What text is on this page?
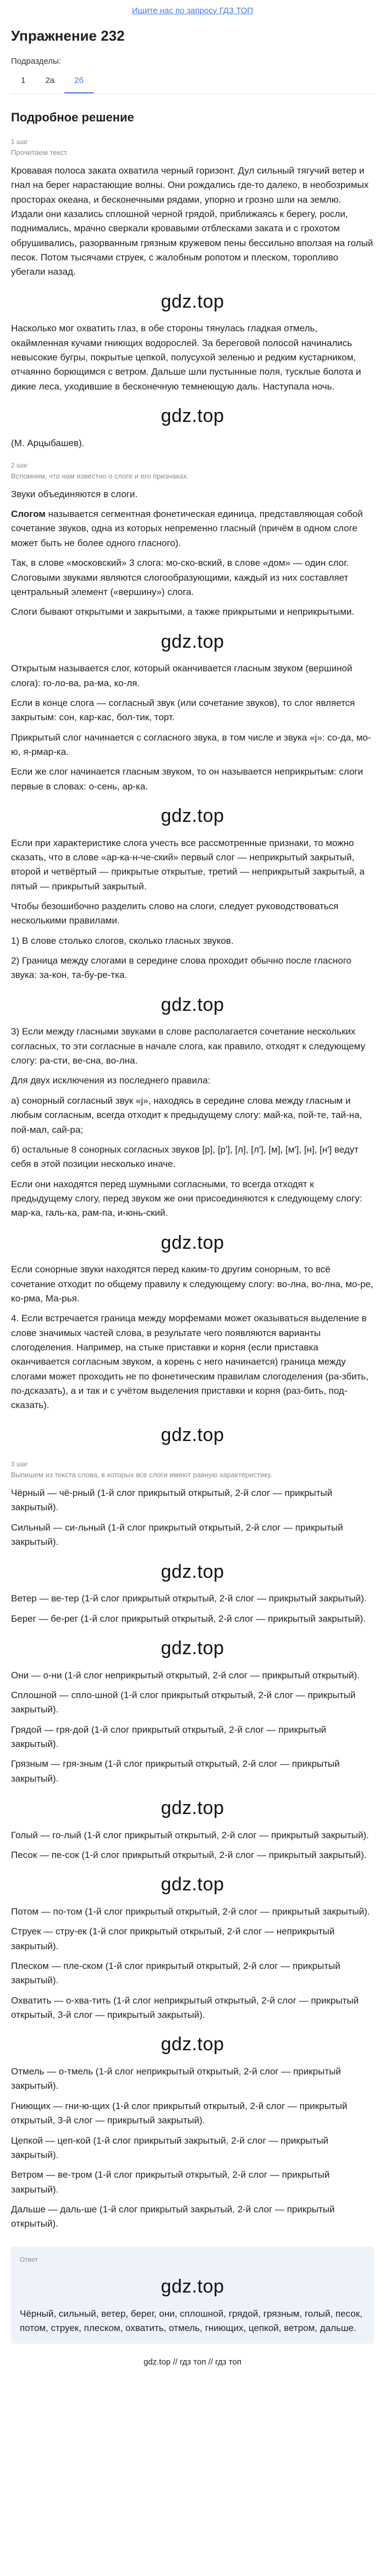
Ищите нас по запросу ГДЗ ТОП
Упражнение 232
Подразделы:
1	2а	2б
Подробное решение
1 шаг
Прочитаем текст.

Кровавая полоса заката охватила черный горизонт. Дул сильный тягучий ветер и гнал на берег нарастающие волны. Они рождались где-то далеко, в необозримых просторах океана, и бесконечными рядами, упорно и грозно шли на землю. Издали они казались сплошной черной грядой, приближаясь к берегу, росли, поднимались, мрачно сверкали кровавыми отблесками заката и с грохотом обрушивались, разорванным грязным кружевом пены бессильно вползая на голый песок. Потом тысячами струек, с жалобным ропотом и плеском, торопливо убегали назад.

gdz.top

Насколько мог охватить глаз, в обе стороны тянулась гладкая отмель, окаймленная кучами гниющих водорослей. За береговой полосой начинались невысокие бугры, покрытые цепкой, полусухой зеленью и редким кустарником, отчаянно борющимся с ветром. Дальше шли пустынные поля, тусклые болота и дикие леса, уходившие в бесконечную темнеющую даль. Наступала ночь.

gdz.top

(М. Арцыбашев).

2 шаг
Вспомним, что нам известно о слоге и его признаках.

Звуки объединяются в слоги.

Слогом называется сегментная фонетическая единица, представляющая собой сочетание звуков, одна из которых непременно гласный (причём в одном слоге может быть не более одного гласного).

Так, в слове «московский» 3 слога: мо-ско-вский, в слове «дом» — один слог. Слоговыми звуками являются слогообразующими, каждый из них составляет центральный элемент («вершину») слога.

Слоги бывают открытыми и закрытыми, а также прикрытыми и неприкрытыми.

gdz.top

Открытым называется слог, который оканчивается гласным звуком (вершиной слога): го-ло-ва, ра-ма, ко-ля.

Если в конце слога — согласный звук (или сочетание звуков), то слог является закрытым: сон, кар-кас, бол-тик, торт.

Прикрытый слог начинается с согласного звука, в том числе и звука «j»: со-да, мо-ю, я-рмар-ка.

Если же слог начинается гласным звуком, то он называется неприкрытым: слоги первые в словах: о-сень, ар-ка.

gdz.top

Если при характеристике слога учесть все рассмотренные признаки, то можно сказать, что в слове «ар-ка-н-че-ский» первый слог — неприкрытый закрытый, второй и четвёртый — прикрытые открытые, третий — неприкрытый закрытый, а пятый — прикрытый закрытый.

Чтобы безошибочно разделить слово на слоги, следует руководствоваться несколькими правилами.

1) В слове столько слогов, сколько гласных звуков.

2) Граница между слогами в середине слова проходит обычно после гласного звука: за-кон, та-бу-ре-тка.

gdz.top

3) Если между гласными звуками в слове располагается сочетание нескольких согласных, то эти согласные в начале слога, как правило, отходят к следующему слогу: ра-сти, ве-сна, во-лна.

Для двух исключения из последнего правила:

а) сонорный согласный звук «j», находясь в середине слова между гласным и любым согласным, всегда отходит к предыдущему слогу: май-ка, пой-те, тай-на, пой-мал, сай-ра;

б) остальные 8 сонорных согласных звуков [р], [р'], [л], [л'], [м], [м'], [н], [н'] ведут себя в этой позиции несколько иначе.

Если они находятся перед шумными согласными, то всегда отходят к предыдущему слогу, перед звуком же они присоединяются к следующему слогу: мар-ка, галь-ка, рам-па, и-юнь-ский.

gdz.top

Если сонорные звуки находятся перед каким-то другим сонорным, то всё сочетание отходит по общему правилу к следующему слогу: во-лна, во-лна, мо-ре, ко-рма, Ма-рья.

4. Если встречается граница между морфемами может оказываться выделение в слове значимых частей слова, в результате чего появляются варианты слогоделения. Например, на стыке приставки и корня (если приставка оканчивается согласным звуком, а корень с него начинается) граница между слогами может проходить не по фонетическим правилам слогоделения (ра-збить, по-дсказать), а и так и с учётом выделения приставки и корня (раз-бить, под-сказать).

gdz.top
3 шаг
Выпишем из текста слова, в которых все слоги имеют равную характеристику.

Чёрный — чё-рный (1-й слог прикрытый открытый, 2-й слог — прикрытый закрытый).

Сильный — си-льный (1-й слог прикрытый открытый, 2-й слог — прикрытый закрытый).

gdz.top

Ветер — ве-тер (1-й слог прикрытый открытый, 2-й слог — прикрытый закрытый).

Берег — бе-рег (1-й слог прикрытый открытый, 2-й слог — прикрытый закрытый).

gdz.top

Они — о-ни (1-й слог неприкрытый открытый, 2-й слог — прикрытый открытый).

Сплошной — спло-шной (1-й слог прикрытый открытый, 2-й слог — прикрытый закрытый).

Грядой — гря-дой (1-й слог прикрытый открытый, 2-й слог — прикрытый закрытый).

Грязным — гря-зным (1-й слог прикрытый открытый, 2-й слог — прикрытый закрытый).

gdz.top

Голый — го-лый (1-й слог прикрытый открытый, 2-й слог — прикрытый закрытый).

Песок — пе-сок (1-й слог прикрытый открытый, 2-й слог — прикрытый закрытый).

gdz.top

Потом — по-том (1-й слог прикрытый открытый, 2-й слог — прикрытый закрытый).

Струек — стру-ек (1-й слог прикрытый открытый, 2-й слог — неприкрытый закрытый).

Плеском — пле-ском (1-й слог прикрытый открытый, 2-й слог — прикрытый закрытый).

Охватить — о-хва-тить (1-й слог неприкрытый открытый, 2-й слог — прикрытый открытый, 3-й слог — прикрытый закрытый).

gdz.top

Отмель — о-тмель (1-й слог неприкрытый открытый, 2-й слог — прикрытый закрытый).

Гниющих — гни-ю-щих (1-й слог прикрытый открытый, 2-й слог — прикрытый открытый, 3-й слог — прикрытый закрытый).

Цепкой — цеп-кой (1-й слог прикрытый закрытый, 2-й слог — прикрытый закрытый).

Ветром — ве-тром (1-й слог прикрытый открытый, 2-й слог — прикрытый закрытый).

Дальше — даль-ше (1-й слог прикрытый закрытый, 2-й слог — прикрытый открытый).

Ответ
gdz.top

Чёрный, сильный, ветер, берег, они, сплошной, грядой, грязным, голый, песок, потом, струек, плеском, охватить, отмель, гниющих, цепкой, ветром, дальше.

gdz.top // гдз топ // гдз топ
